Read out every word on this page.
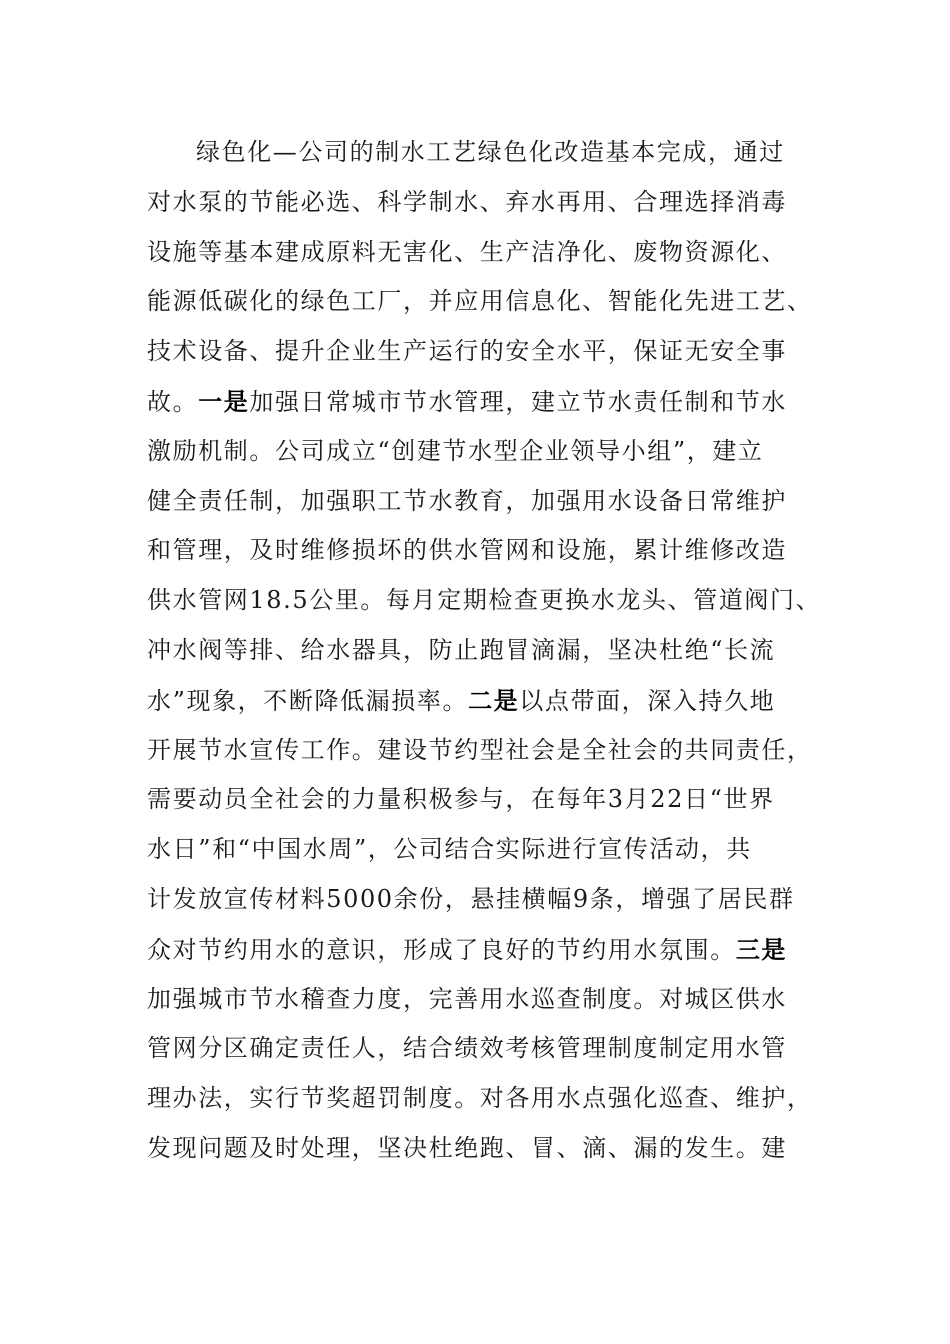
绿色化—公司的制水工艺绿色化改造基本完成，通过
对水泵的节能必选、科学制水、弃水再用、合理选择消毒
设施等基本建成原料无害化、生产洁净化、废物资源化、
能源低碳化的绿色工厂，并应用信息化、智能化先进工艺、
技术设备、提升企业生产运行的安全水平，保证无安全事
故。一是加强日常城市节水管理，建立节水责任制和节水
激励机制。公司成立“创建节水型企业领导小组”，建立
健全责任制，加强职工节水教育，加强用水设备日常维护
和管理，及时维修损坏的供水管网和设施，累计维修改造
供水管网18.5公里。每月定期检查更换水龙头、管道阀门、
冲水阀等排、给水器具，防止跑冒滴漏，坚决杜绝“长流
水”现象，不断降低漏损率。二是以点带面，深入持久地
开展节水宣传工作。建设节约型社会是全社会的共同责任，
需要动员全社会的力量积极参与，在每年3月22日“世界
水日”和“中国水周”，公司结合实际进行宣传活动，共
计发放宣传材料5000余份，悬挂横幅9条，增强了居民群
众对节约用水的意识，形成了良好的节约用水氛围。三是
加强城市节水稽查力度，完善用水巡查制度。对城区供水
管网分区确定责任人，结合绩效考核管理制度制定用水管
理办法，实行节奖超罚制度。对各用水点强化巡查、维护，
发现问题及时处理，坚决杜绝跑、冒、滴、漏的发生。建
